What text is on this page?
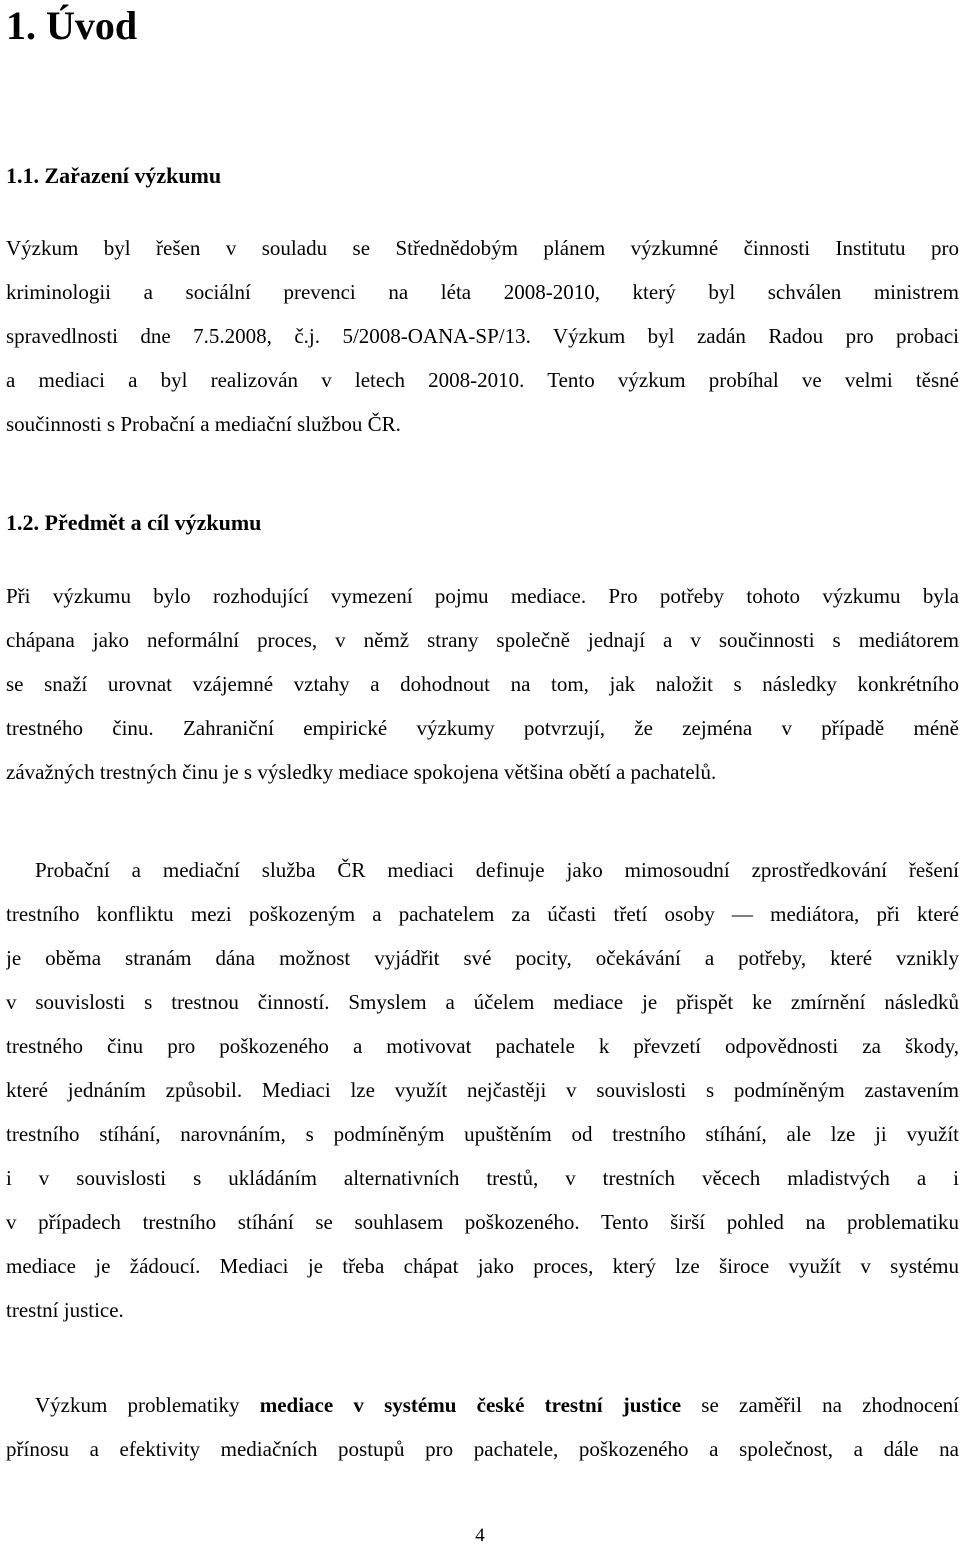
1. Úvod
1.1. Zařazení výzkumu
Výzkum byl řešen v souladu se Střednědobým plánem výzkumné činnosti Institutu pro
kriminologii a sociální prevenci na léta 2008-2010, který byl schválen ministrem
spravedlnosti dne 7.5.2008, č.j. 5/2008-OANA-SP/13. Výzkum byl zadán Radou pro probaci
a mediaci a byl realizován v letech 2008-2010. Tento výzkum probíhal ve velmi těsné
součinnosti s Probační a mediační službou ČR.
1.2. Předmět a cíl výzkumu
Při výzkumu bylo rozhodující vymezení pojmu mediace. Pro potřeby tohoto výzkumu byla
chápana jako neformální proces, v němž strany společně jednají a v součinnosti s mediátorem
se snaží urovnat vzájemné vztahy a dohodnout na tom, jak naložit s následky konkrétního
trestného činu. Zahraniční empirické výzkumy potvrzují, že zejména v případě méně
závažných trestných činu je s výsledky mediace spokojena většina obětí a pachatelů.
Probační a mediační služba ČR mediaci definuje jako mimosoudní zprostředkování řešení
trestního konfliktu mezi poškozeným a pachatelem za účasti třetí osoby — mediátora, při které
je oběma stranám dána možnost vyjádřit své pocity, očekávání a potřeby, které vznikly
v souvislosti s trestnou činností. Smyslem a účelem mediace je přispět ke zmírnění následků
trestného činu pro poškozeného a motivovat pachatele k převzetí odpovědnosti za škody,
které jednáním způsobil. Mediaci lze využít nejčastěji v souvislosti s podmíněným zastavením
trestního stíhání, narovnáním, s podmíněným upuštěním od trestního stíhání, ale lze ji využít
i v souvislosti s ukládáním alternativních trestů, v trestních věcech mladistvých a i
v případech trestního stíhání se souhlasem poškozeného. Tento širší pohled na problematiku
mediace je žádoucí. Mediaci je třeba chápat jako proces, který lze široce využít v systému
trestní justice.
Výzkum problematiky mediace v systému české trestní justice se zaměřil na zhodnocení
přínosu a efektivity mediačních postupů pro pachatele, poškozeného a společnost, a dále na
4
